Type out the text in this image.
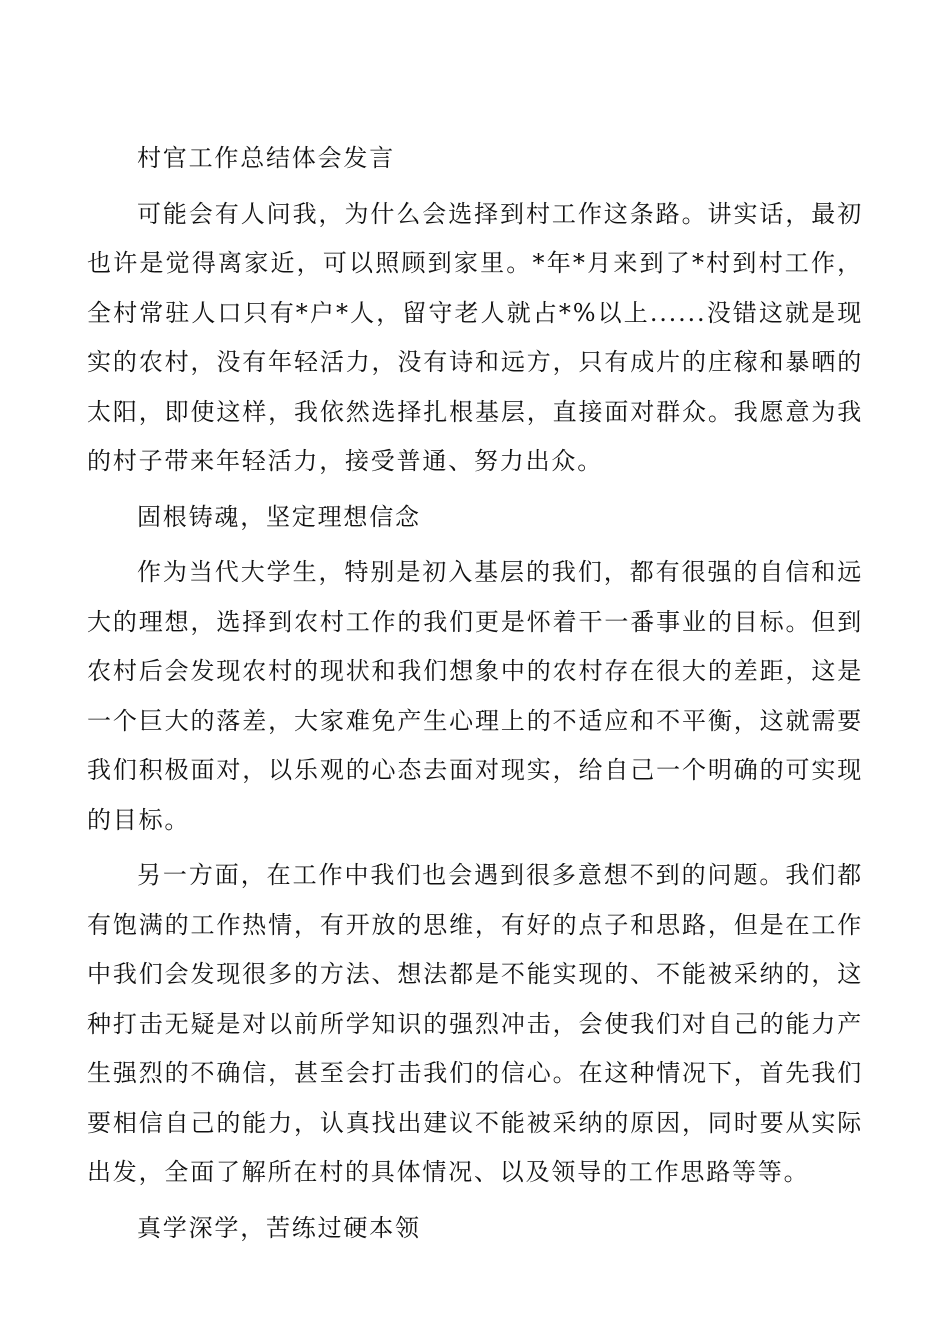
村官工作总结体会发言

可能会有人问我，为什么会选择到村工作这条路。讲实话，最初也许是觉得离家近，可以照顾到家里。*年*月来到了*村到村工作，全村常驻人口只有*户*人，留守老人就占*%以上......没错这就是现实的农村，没有年轻活力，没有诗和远方，只有成片的庄稼和暴晒的太阳，即使这样，我依然选择扎根基层，直接面对群众。我愿意为我的村子带来年轻活力，接受普通、努力出众。

固根铸魂，坚定理想信念

作为当代大学生，特别是初入基层的我们，都有很强的自信和远大的理想，选择到农村工作的我们更是怀着干一番事业的目标。但到农村后会发现农村的现状和我们想象中的农村存在很大的差距，这是一个巨大的落差，大家难免产生心理上的不适应和不平衡，这就需要我们积极面对，以乐观的心态去面对现实，给自己一个明确的可实现的目标。

另一方面，在工作中我们也会遇到很多意想不到的问题。我们都有饱满的工作热情，有开放的思维，有好的点子和思路，但是在工作中我们会发现很多的方法、想法都是不能实现的、不能被采纳的，这种打击无疑是对以前所学知识的强烈冲击，会使我们对自己的能力产生强烈的不确信，甚至会打击我们的信心。在这种情况下，首先我们要相信自己的能力，认真找出建议不能被采纳的原因，同时要从实际出发，全面了解所在村的具体情况、以及领导的工作思路等等。

真学深学，苦练过硬本领
